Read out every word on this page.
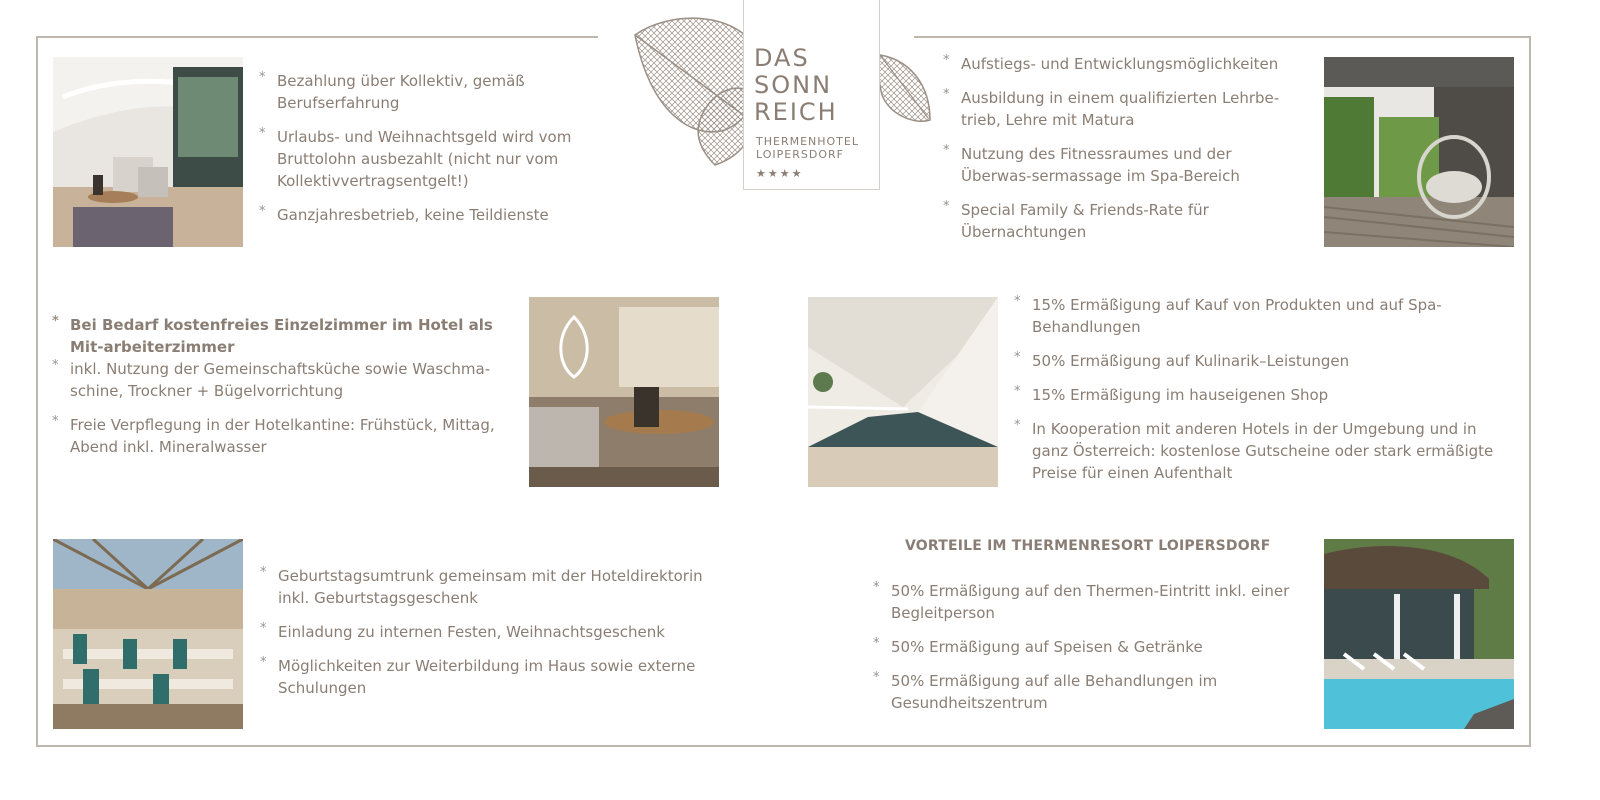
DAS
SONN
REICH
THERMENHOTEL
LOIPERSDORF
★★★★
* Bezahlung über Kollektiv, gemäß Berufserfahrung
* Urlaubs- und Weihnachtsgeld wird vom Bruttolohn ausbezahlt (nicht nur vom Kollektivvertragsentgelt!)
* Ganzjahresbetrieb, keine Teildienste
* Aufstiegs- und Entwicklungsmöglichkeiten
* Ausbildung in einem qualifizierten Lehrbe-trieb, Lehre mit Matura
* Nutzung des Fitnessraumes und der Überwas-sermassage im Spa-Bereich
* Special Family & Friends-Rate für Übernachtungen
* Bei Bedarf kostenfreies Einzelzimmer im Hotel als Mit-arbeiterzimmer
* inkl. Nutzung der Gemeinschaftsküche sowie Waschma-schine, Trockner + Bügelvorrichtung
* Freie Verpflegung in der Hotelkantine: Frühstück, Mittag, Abend inkl. Mineralwasser
* 15% Ermäßigung auf Kauf von Produkten und auf Spa-Behandlungen
* 50% Ermäßigung auf Kulinarik–Leistungen
* 15% Ermäßigung im hauseigenen Shop
* In Kooperation mit anderen Hotels in der Umgebung und in ganz Österreich: kostenlose Gutscheine oder stark ermäßigte Preise für einen Aufenthalt
* Geburtstagsumtrunk gemeinsam mit der Hoteldirektorin inkl. Geburtstagsgeschenk
* Einladung zu internen Festen, Weihnachtsgeschenk
* Möglichkeiten zur Weiterbildung im Haus sowie externe Schulungen
VORTEILE IM THERMENRESORT LOIPERSDORF
* 50% Ermäßigung auf den Thermen-Eintritt inkl. einer Begleitperson
* 50% Ermäßigung auf Speisen & Getränke
* 50% Ermäßigung auf alle Behandlungen im Gesundheitszentrum
